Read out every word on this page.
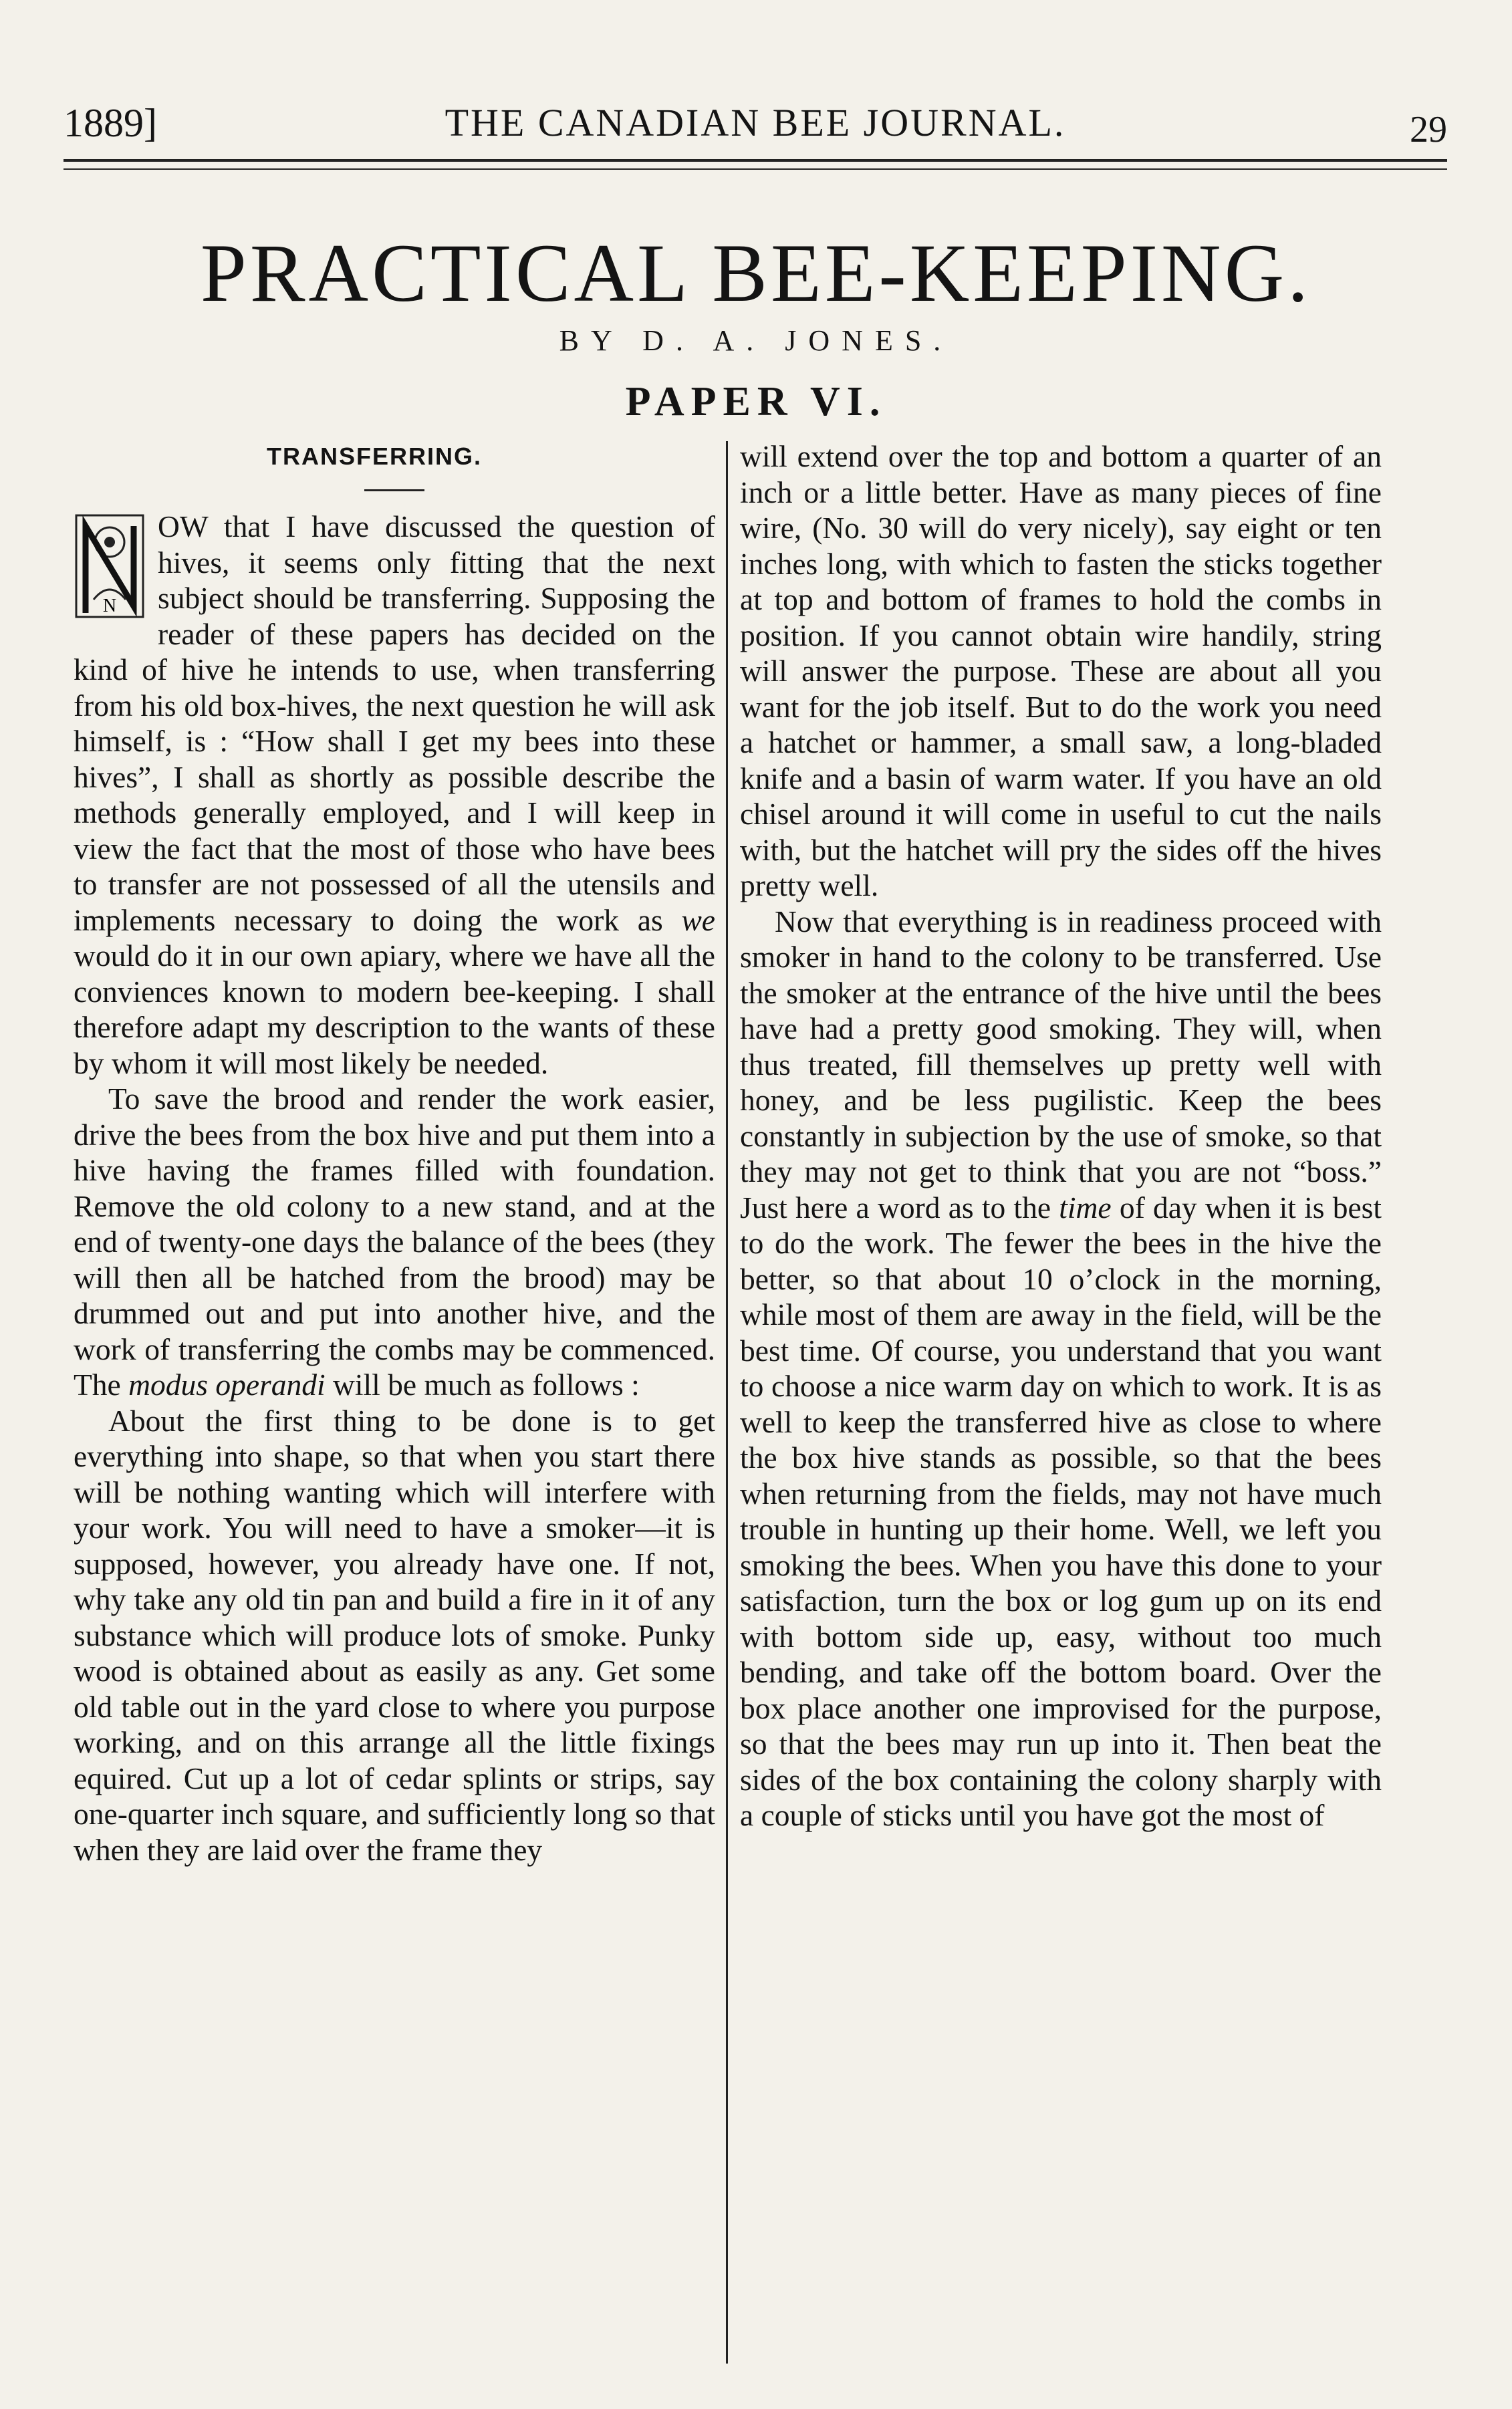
1889]	THE CANADIAN BEE JOURNAL.	29
PRACTICAL BEE-KEEPING.
BY D. A. JONES.
PAPER VI.
TRANSFERRING.

N
OW that I have discussed the question of hives, it seems only fitting that the next subject should be transferring. Supposing the reader of these papers has decided on the kind of hive he intends to use, when transferring from his old box-hives, the next question he will ask himself, is : “How shall I get my bees into these hives”, I shall as shortly as possible describe the methods generally employed, and I will keep in view the fact that the most of those who have bees to transfer are not possessed of all the utensils and implements necessary to doing the work as we would do it in our own apiary, where we have all the conviences known to modern bee-keeping. I shall therefore adapt my description to the wants of these by whom it will most likely be needed.

To save the brood and render the work easier, drive the bees from the box hive and put them into a hive having the frames filled with foundation. Remove the old colony to a new stand, and at the end of twenty-one days the balance of the bees (they will then all be hatched from the brood) may be drummed out and put into another hive, and the work of transferring the combs may be commenced. The modus operandi will be much as follows :

About the first thing to be done is to get everything into shape, so that when you start there will be nothing wanting which will interfere with your work. You will need to have a smoker—it is supposed, however, you already have one. If not, why take any old tin pan and build a fire in it of any substance which will produce lots of smoke. Punky wood is obtained about as easily as any. Get some old table out in the yard close to where you purpose working, and on this arrange all the little fixings equired. Cut up a lot of cedar splints or strips, say one-quarter inch square, and sufficiently long so that when they are laid over the frame they

will extend over the top and bottom a quarter of an inch or a little better. Have as many pieces of fine wire, (No. 30 will do very nicely), say eight or ten inches long, with which to fasten the sticks together at top and bottom of frames to hold the combs in position. If you cannot obtain wire handily, string will answer the purpose. These are about all you want for the job itself. But to do the work you need a hatchet or hammer, a small saw, a long-bladed knife and a basin of warm water. If you have an old chisel around it will come in useful to cut the nails with, but the hatchet will pry the sides off the hives pretty well.

Now that everything is in readiness proceed with smoker in hand to the colony to be transferred. Use the smoker at the entrance of the hive until the bees have had a pretty good smoking. They will, when thus treated, fill themselves up pretty well with honey, and be less pugilistic. Keep the bees constantly in subjection by the use of smoke, so that they may not get to think that you are not “boss.” Just here a word as to the time of day when it is best to do the work. The fewer the bees in the hive the better, so that about 10 o’clock in the morning, while most of them are away in the field, will be the best time. Of course, you understand that you want to choose a nice warm day on which to work. It is as well to keep the transferred hive as close to where the box hive stands as possible, so that the bees when returning from the fields, may not have much trouble in hunting up their home. Well, we left you smoking the bees. When you have this done to your satisfaction, turn the box or log gum up on its end with bottom side up, easy, without too much bending, and take off the bottom board. Over the box place another one improvised for the purpose, so that the bees may run up into it. Then beat the sides of the box containing the colony sharply with a couple of sticks until you have got the most of
